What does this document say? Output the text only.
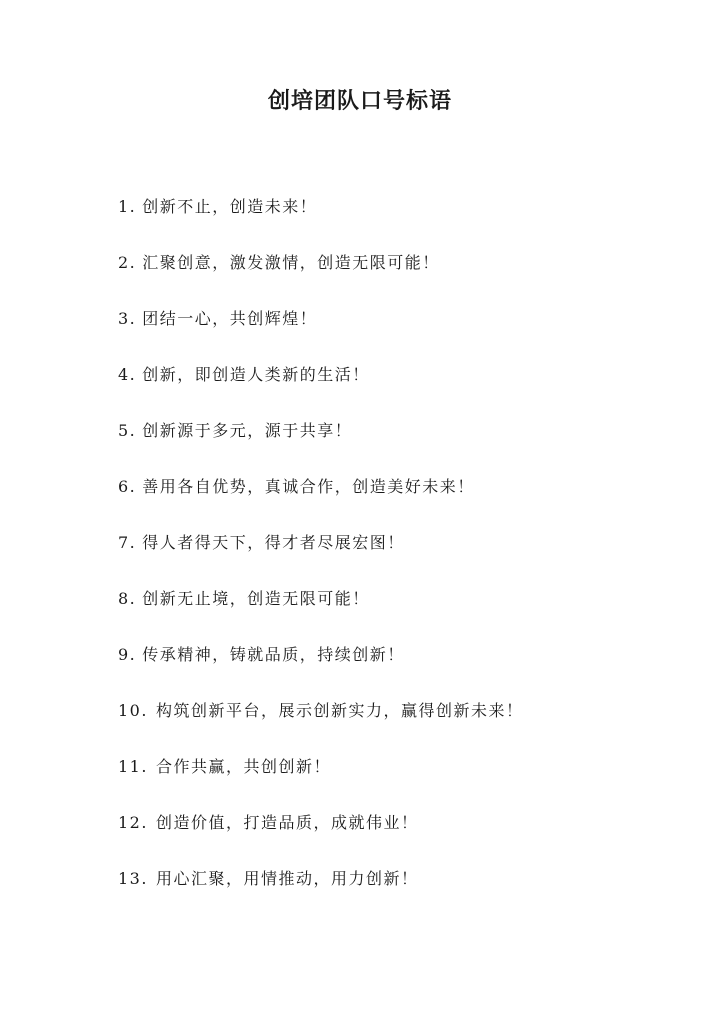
创培团队口号标语
1. 创新不止，创造未来！
2. 汇聚创意，激发激情，创造无限可能！
3. 团结一心，共创辉煌！
4. 创新，即创造人类新的生活！
5. 创新源于多元，源于共享！
6. 善用各自优势，真诚合作，创造美好未来！
7. 得人者得天下，得才者尽展宏图！
8. 创新无止境，创造无限可能！
9. 传承精神，铸就品质，持续创新！
10. 构筑创新平台，展示创新实力，赢得创新未来！
11. 合作共赢，共创创新！
12. 创造价值，打造品质，成就伟业！
13. 用心汇聚，用情推动，用力创新！
